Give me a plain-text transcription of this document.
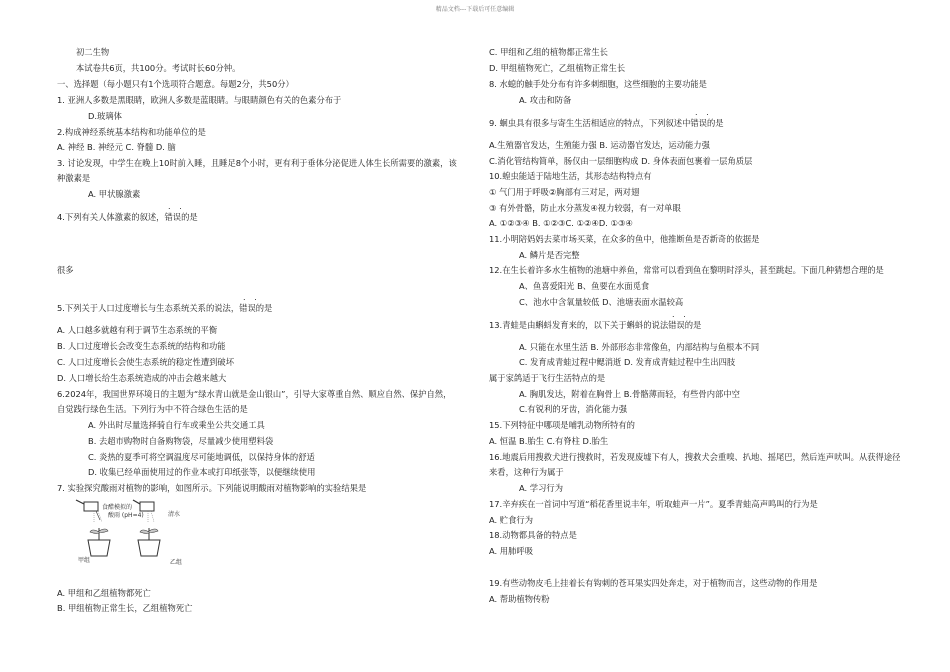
精品文档---下载后可任意编辑
初二生物
本试卷共6页，共100分。考试时长60分钟。
一、选择题（每小题只有1个选项符合题意。每题2分，共50分）
1. 亚洲人多数是黑眼睛，欧洲人多数是蓝眼睛。与眼睛颜色有关的色素分布于
D.玻璃体
2.构成神经系统基本结构和功能单位的是
A. 神经 B. 神经元 C. 脊髓 D. 脑
3. 讨论发现，中学生在晚上10时前入睡，且睡足8个小时，更有利于垂体分泌促进人体生长所需要的激素，该
种激素是
A. 甲状腺激素
. .
4.下列有关人体激素的叙述，错误的是
很多
. .
5.下列关于人口过度增长与生态系统关系的说法，错误的是
A. 人口越多就越有利于调节生态系统的平衡
B. 人口过度增长会改变生态系统的结构和功能
C. 人口过度增长会使生态系统的稳定性遭到破坏
D. 人口增长给生态系统造成的冲击会越来越大
6.2024年，我国世界环境日的主题为“绿水青山就是金山银山”，引导大家尊重自然、顺应自然、保护自然，
自觉践行绿色生活。下列行为中不符合绿色生活的是
A. 外出时尽量选择骑自行车或乘坐公共交通工具
B. 去超市购物时自备购物袋，尽量减少使用塑料袋
C. 炎热的夏季可将空调温度尽可能地调低，以保持身体的舒适
D. 收集已经单面使用过的作业本或打印纸张等，以便继续使用
7. 实验探究酸雨对植物的影响，如图所示。下列能说明酸雨对植物影响的实验结果是
A. 甲组和乙组植物都死亡
B. 甲组植物正常生长，乙组植物死亡
C. 甲组和乙组的植物都正常生长
D. 甲组植物死亡，乙组植物正常生长
8. 水螅的触手处分布有许多刺细胞，这些细胞的主要功能是
A. 攻击和防备
. .
9. 蛔虫具有很多与寄生生活相适应的特点，下列叙述中错误的是
A.生殖器官发达，生殖能力强 B. 运动器官发达，运动能力强
C.消化管结构简单，肠仅由一层细胞构成 D. 身体表面包裹着一层角质层
10.蝗虫能适于陆地生活，其形态结构特点有
① 气门用于呼吸②胸部有三对足，两对翅
③ 有外骨骼，防止水分蒸发④视力较弱，有一对单眼
A. ①②③④ B. ①②③C. ①②④D. ①③④
11.小明陪妈妈去菜市场买菜，在众多的鱼中，他推断鱼是否新奇的依据是
A. 鳞片是否完整
12.在生长着许多水生植物的池塘中养鱼，常常可以看到鱼在黎明时浮头，甚至跳起。下面几种猜想合理的是
A、鱼喜爱阳光 B、鱼要在水面觅食
C、池水中含氧量较低 D、池塘表面水温较高
. .
13.青蛙是由蝌蚪发育来的，以下关于蝌蚪的说法错误的是
A. 只能在水里生活 B. 外部形态非常像鱼，内部结构与鱼根本不同
C. 发育成青蛙过程中鳃消逝 D. 发育成青蛙过程中生出四肢
属于家鸽适于飞行生活特点的是
A. 胸肌发达，附着在胸骨上 B.骨骼薄而轻，有些骨内部中空
C.有锐利的牙齿，消化能力强
15.下列特征中哪项是哺乳动物所特有的
A. 恒温 B.胎生 C.有脊柱 D.胎生
16.地震后用搜救犬进行搜救时，若发现废墟下有人，搜救犬会重嗅、扒地、摇尾巴，然后连声吠叫。从获得途径
来看，这种行为属于
A. 学习行为
17.辛弃疾在一首词中写道“稻花香里说丰年，听取蛙声一片”。夏季青蛙高声鸣叫的行为是
A. 贮食行为
18.动物都具备的特点是
A. 用肺呼吸
19.有些动物皮毛上挂着长有钩刺的苍耳果实四处奔走，对于植物而言，这些动物的作用是
A. 帮助植物传粉
食醋模拟的
酸雨 (pH=4)	清水
甲组	乙组
